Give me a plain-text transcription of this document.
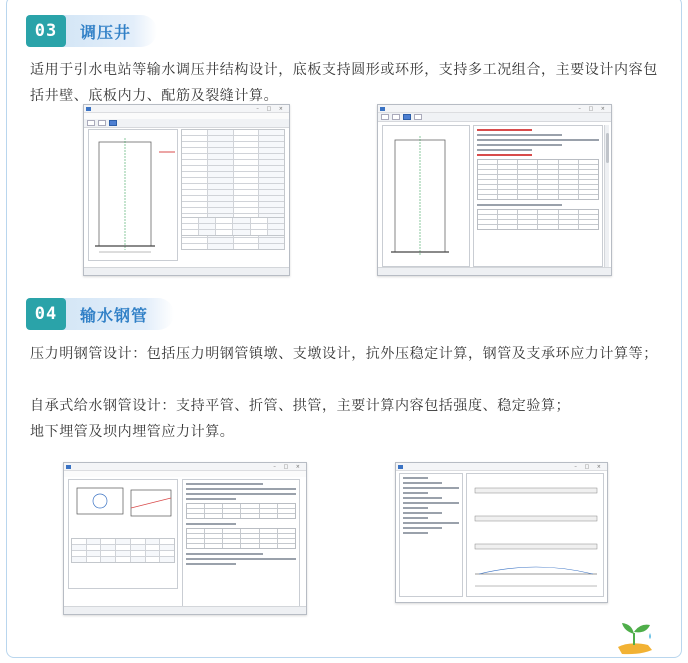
03	调压井

适用于引水电站等输水调压井结构设计，底板支持圆形或环形，支持多工况组合，主要设计内容包括井壁、底板内力、配筋及裂缝计算。

– □ ×	– □ ×
04	输水钢管

压力明钢管设计：包括压力明钢管镇墩、支墩设计，抗外压稳定计算，钢管及支承环应力计算等；

自承式给水钢管设计：支持平管、折管、拱管，主要计算内容包括强度、稳定验算；

地下埋管及坝内埋管应力计算。

– □ ×	– □ ×
